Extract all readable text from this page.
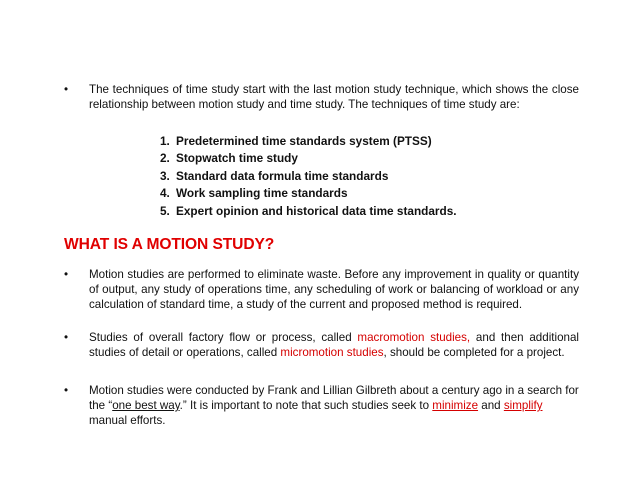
•	The techniques of time study start with the last motion study technique, which shows the close relationship between motion study and time study. The techniques of time study are:
1. Predetermined time standards system (PTSS)
2. Stopwatch time study
3. Standard data formula time standards
4. Work sampling time standards
5. Expert opinion and historical data time standards.
WHAT IS A MOTION STUDY?
•	Motion studies are performed to eliminate waste. Before any improvement in quality or quantity of output, any study of operations time, any scheduling of work or balancing of workload or any calculation of standard time, a study of the current and proposed method is required.
•	Studies of overall factory flow or process, called macromotion studies, and then additional studies of detail or operations, called micromotion studies, should be completed for a project.
•	Motion studies were conducted by Frank and Lillian Gilbreth about a century ago in a search for the “one best way.” It is important to note that such studies seek to minimize and simplify manual efforts.
